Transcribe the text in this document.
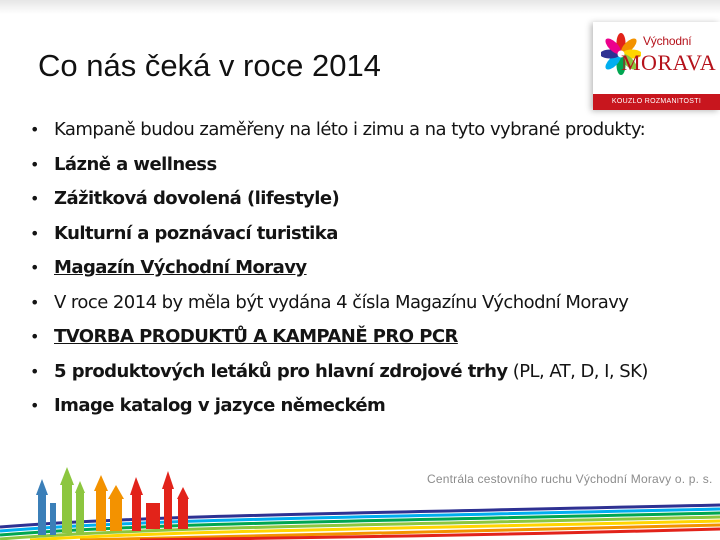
Co nás čeká v roce 2014
Východní
MORAVA
KOUZLO ROZMANITOSTI
• Kampaně budou zaměřeny na léto i zimu a na tyto vybrané produkty:
• Lázně a wellness
• Zážitková dovolená (lifestyle)
• Kulturní a poznávací turistika
• Magazín Východní Moravy
• V roce 2014 by měla být vydána 4 čísla Magazínu Východní Moravy
• TVORBA PRODUKTŮ A KAMPANĚ PRO PCR
• 5 produktových letáků pro hlavní zdrojové trhy (PL, AT, D, I, SK)
• Image katalog v jazyce německém
Centrála cestovního ruchu Východní Moravy o. p. s.
